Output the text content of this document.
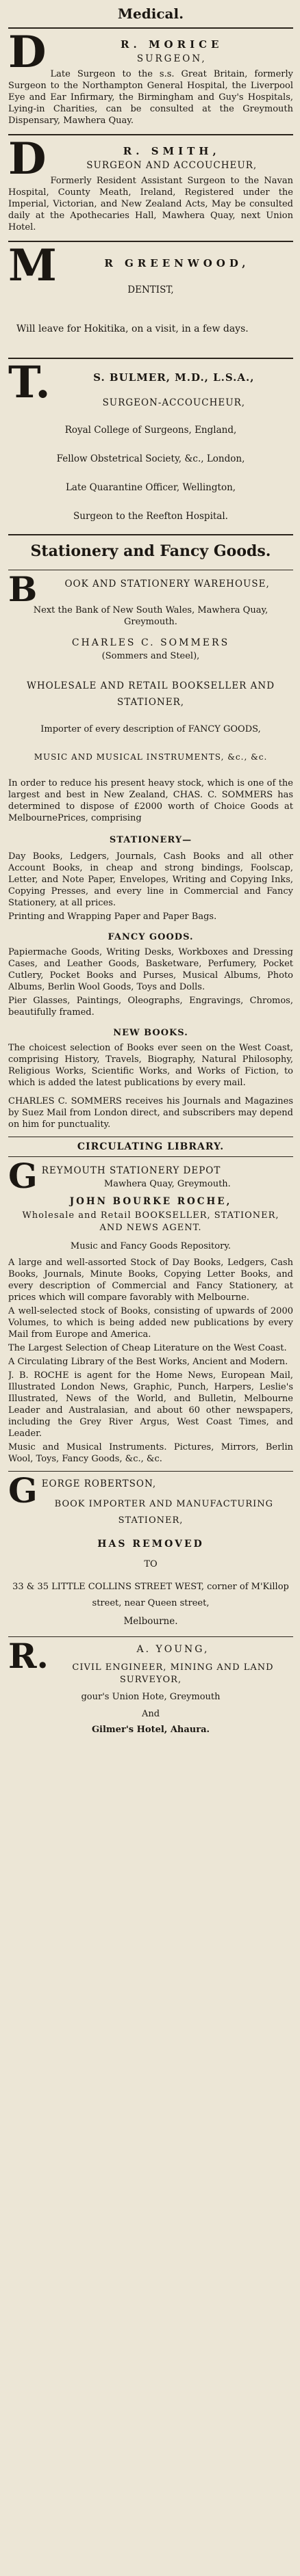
Medical.
D	R. MORICE
SURGEON,
Late Surgeon to the s.s. Great Britain, formerly Surgeon to the Northampton General Hospital, the Liverpool Eye and Ear Infirmary, the Birmingham and Guy's Hospitals, Lying-in Charities, can be consulted at the Greymouth Dispensary, Mawhera Quay.
D	R. SMITH,
SURGEON AND ACCOUCHEUR,
Formerly Resident Assistant Surgeon to the Navan Hospital, County Meath, Ireland, Registered under the Imperial, Victorian, and New Zealand Acts, May be consulted daily at the Apothecaries Hall, Mawhera Quay, next Union Hotel.
M	R GREENWOOD,
DENTIST,
Will leave for Hokitika, on a visit, in a few days.
T.	S. BULMER, M.D., L.S.A.,
SURGEON-ACCOUCHEUR,
Royal College of Surgeons, England,
Fellow Obstetrical Society, &c., London,
Late Quarantine Officer, Wellington,
Surgeon to the Reefton Hospital.
Stationery and Fancy Goods.
B	OOK AND STATIONERY WAREHOUSE,
Next the Bank of New South Wales, Mawhera Quay, Greymouth.
CHARLES C. SOMMERS
(Sommers and Steel),
WHOLESALE AND RETAIL BOOKSELLER AND STATIONER,
Importer of every description of FANCY GOODS,
MUSIC AND MUSICAL INSTRUMENTS, &c., &c.
In order to reduce his present heavy stock, which is one of the largest and best in New Zealand, CHAS. C. SOMMERS has determined to dispose of £2000 worth of Choice Goods at MelbournePrices, comprising
STATIONERY—
Day Books, Ledgers, Journals, Cash Books and all other Account Books, in cheap and strong bindings, Foolscap, Letter, and Note Paper, Envelopes, Writing and Copying Inks, Copying Presses, and every line in Commercial and Fancy Stationery, at all prices.
Printing and Wrapping Paper and Paper Bags.
FANCY GOODS.
Papiermache Goods, Writing Desks, Workboxes and Dressing Cases, and Leather Goods, Basketware, Perfumery, Pocket Cutlery, Pocket Books and Purses, Musical Albums, Photo Albums, Berlin Wool Goods, Toys and Dolls.
Pier Glasses, Paintings, Oleographs, Engravings, Chromos, beautifully framed.
NEW BOOKS.
The choicest selection of Books ever seen on the West Coast, comprising History, Travels, Biography, Natural Philosophy, Religious Works, Scientific Works, and Works of Fiction, to which is added the latest publications by every mail.
CHARLES C. SOMMERS receives his Journals and Magazines by Suez Mail from London direct, and subscribers may depend on him for punctuality.
CIRCULATING LIBRARY.
G REYMOUTH STATIONERY DEPOT
Mawhera Quay, Greymouth.
JOHN BOURKE ROCHE,
Wholesale and Retail BOOKSELLER, STATIONER, AND NEWS AGENT.
Music and Fancy Goods Repository.
A large and well-assorted Stock of Day Books, Ledgers, Cash Books, Journals, Minute Books, Copying Letter Books, and every description of Commercial and Fancy Stationery, at prices which will compare favorably with Melbourne.
A well-selected stock of Books, consisting of upwards of 2000 Volumes, to which is being added new publications by every Mail from Europe and America.
The Largest Selection of Cheap Literature on the West Coast.
A Circulating Library of the Best Works, Ancient and Modern.
J. B. ROCHE is agent for the Home News, European Mail, Illustrated London News, Graphic, Punch, Harpers, Leslie's Illustrated, News of the World, and Bulletin, Melbourne Leader and Australasian, and about 60 other newspapers, including the Grey River Argus, West Coast Times, and Leader.
Music and Musical Instruments. Pictures, Mirrors, Berlin Wool, Toys, Fancy Goods, &c., &c.
G EORGE ROBERTSON,
BOOK IMPORTER AND MANUFACTURING STATIONER,
HAS REMOVED
TO
33 & 35 LITTLE COLLINS STREET WEST, corner of M'Killop street, near Queen street,
Melbourne.
R.	A. YOUNG,
CIVIL ENGINEER, MINING AND LAND SURVEYOR,
gour's Union Hote, Greymouth
And
Gilmer's Hotel, Ahaura.
